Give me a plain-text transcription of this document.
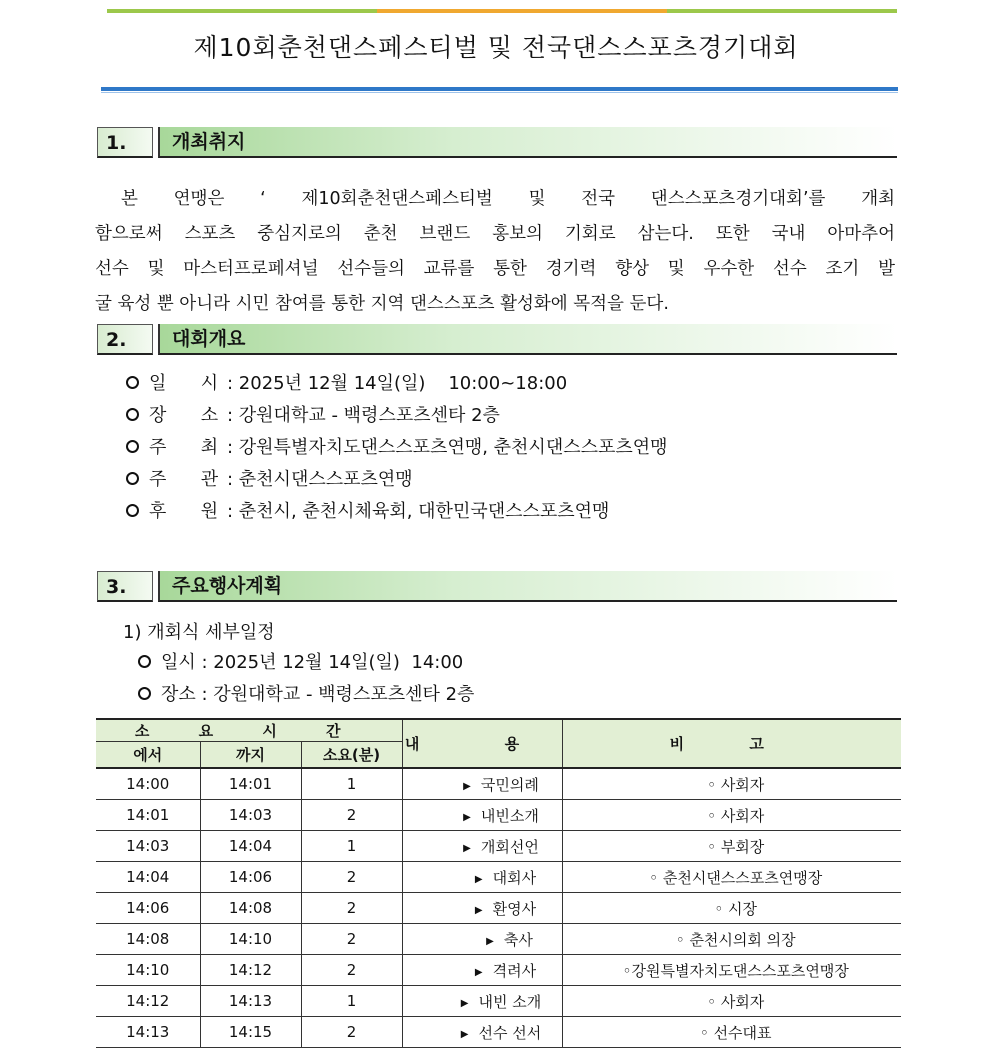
제10회춘천댄스페스티벌 및 전국댄스스포츠경기대회
1.	개최취지
본 연맹은 ‘ 제10회춘천댄스페스티벌 및 전국 댄스스포츠경기대회’를 개최
함으로써 스포츠 중심지로의 춘천 브랜드 홍보의 기회로 삼는다. 또한 국내 아마추어
선수 및 마스터프로페셔널 선수들의 교류를 통한 경기력 향상 및 우수한 선수 조기 발
굴 육성 뿐 아니라 시민 참여를 통한 지역 댄스스포츠 활성화에 목적을 둔다.
2.	대회개요
일      시 : 2025년 12월 14일(일)    10:00~18:00
장      소 : 강원대학교 - 백령스포츠센타 2층
주      최 : 강원특별자치도댄스스포츠연맹, 춘천시댄스스포츠연맹
주      관 : 춘천시댄스스포츠연맹
후      원 : 춘천시, 춘천시체육회, 대한민국댄스스포츠연맹
3.	주요행사계획
1) 개회식 세부일정
일시 : 2025년 12월 14일(일)  14:00
장소 : 강원대학교 - 백령스포츠센타 2층
소 요 시 간			내 용	비 고
에서	까지	소요(분)		
14:00	14:01	1	▶ 국민의례	◦ 사회자
14:01	14:03	2	▶ 내빈소개	◦ 사회자
14:03	14:04	1	▶ 개회선언	◦ 부회장
14:04	14:06	2	▶ 대회사	◦ 춘천시댄스스포츠연맹장
14:06	14:08	2	▶ 환영사	◦ 시장
14:08	14:10	2	▶ 축사	◦ 춘천시의회 의장
14:10	14:12	2	▶ 격려사	◦강원특별자치도댄스스포츠연맹장
14:12	14:13	1	▶ 내빈 소개	◦ 사회자
14:13	14:15	2	▶ 선수 선서	◦ 선수대표
